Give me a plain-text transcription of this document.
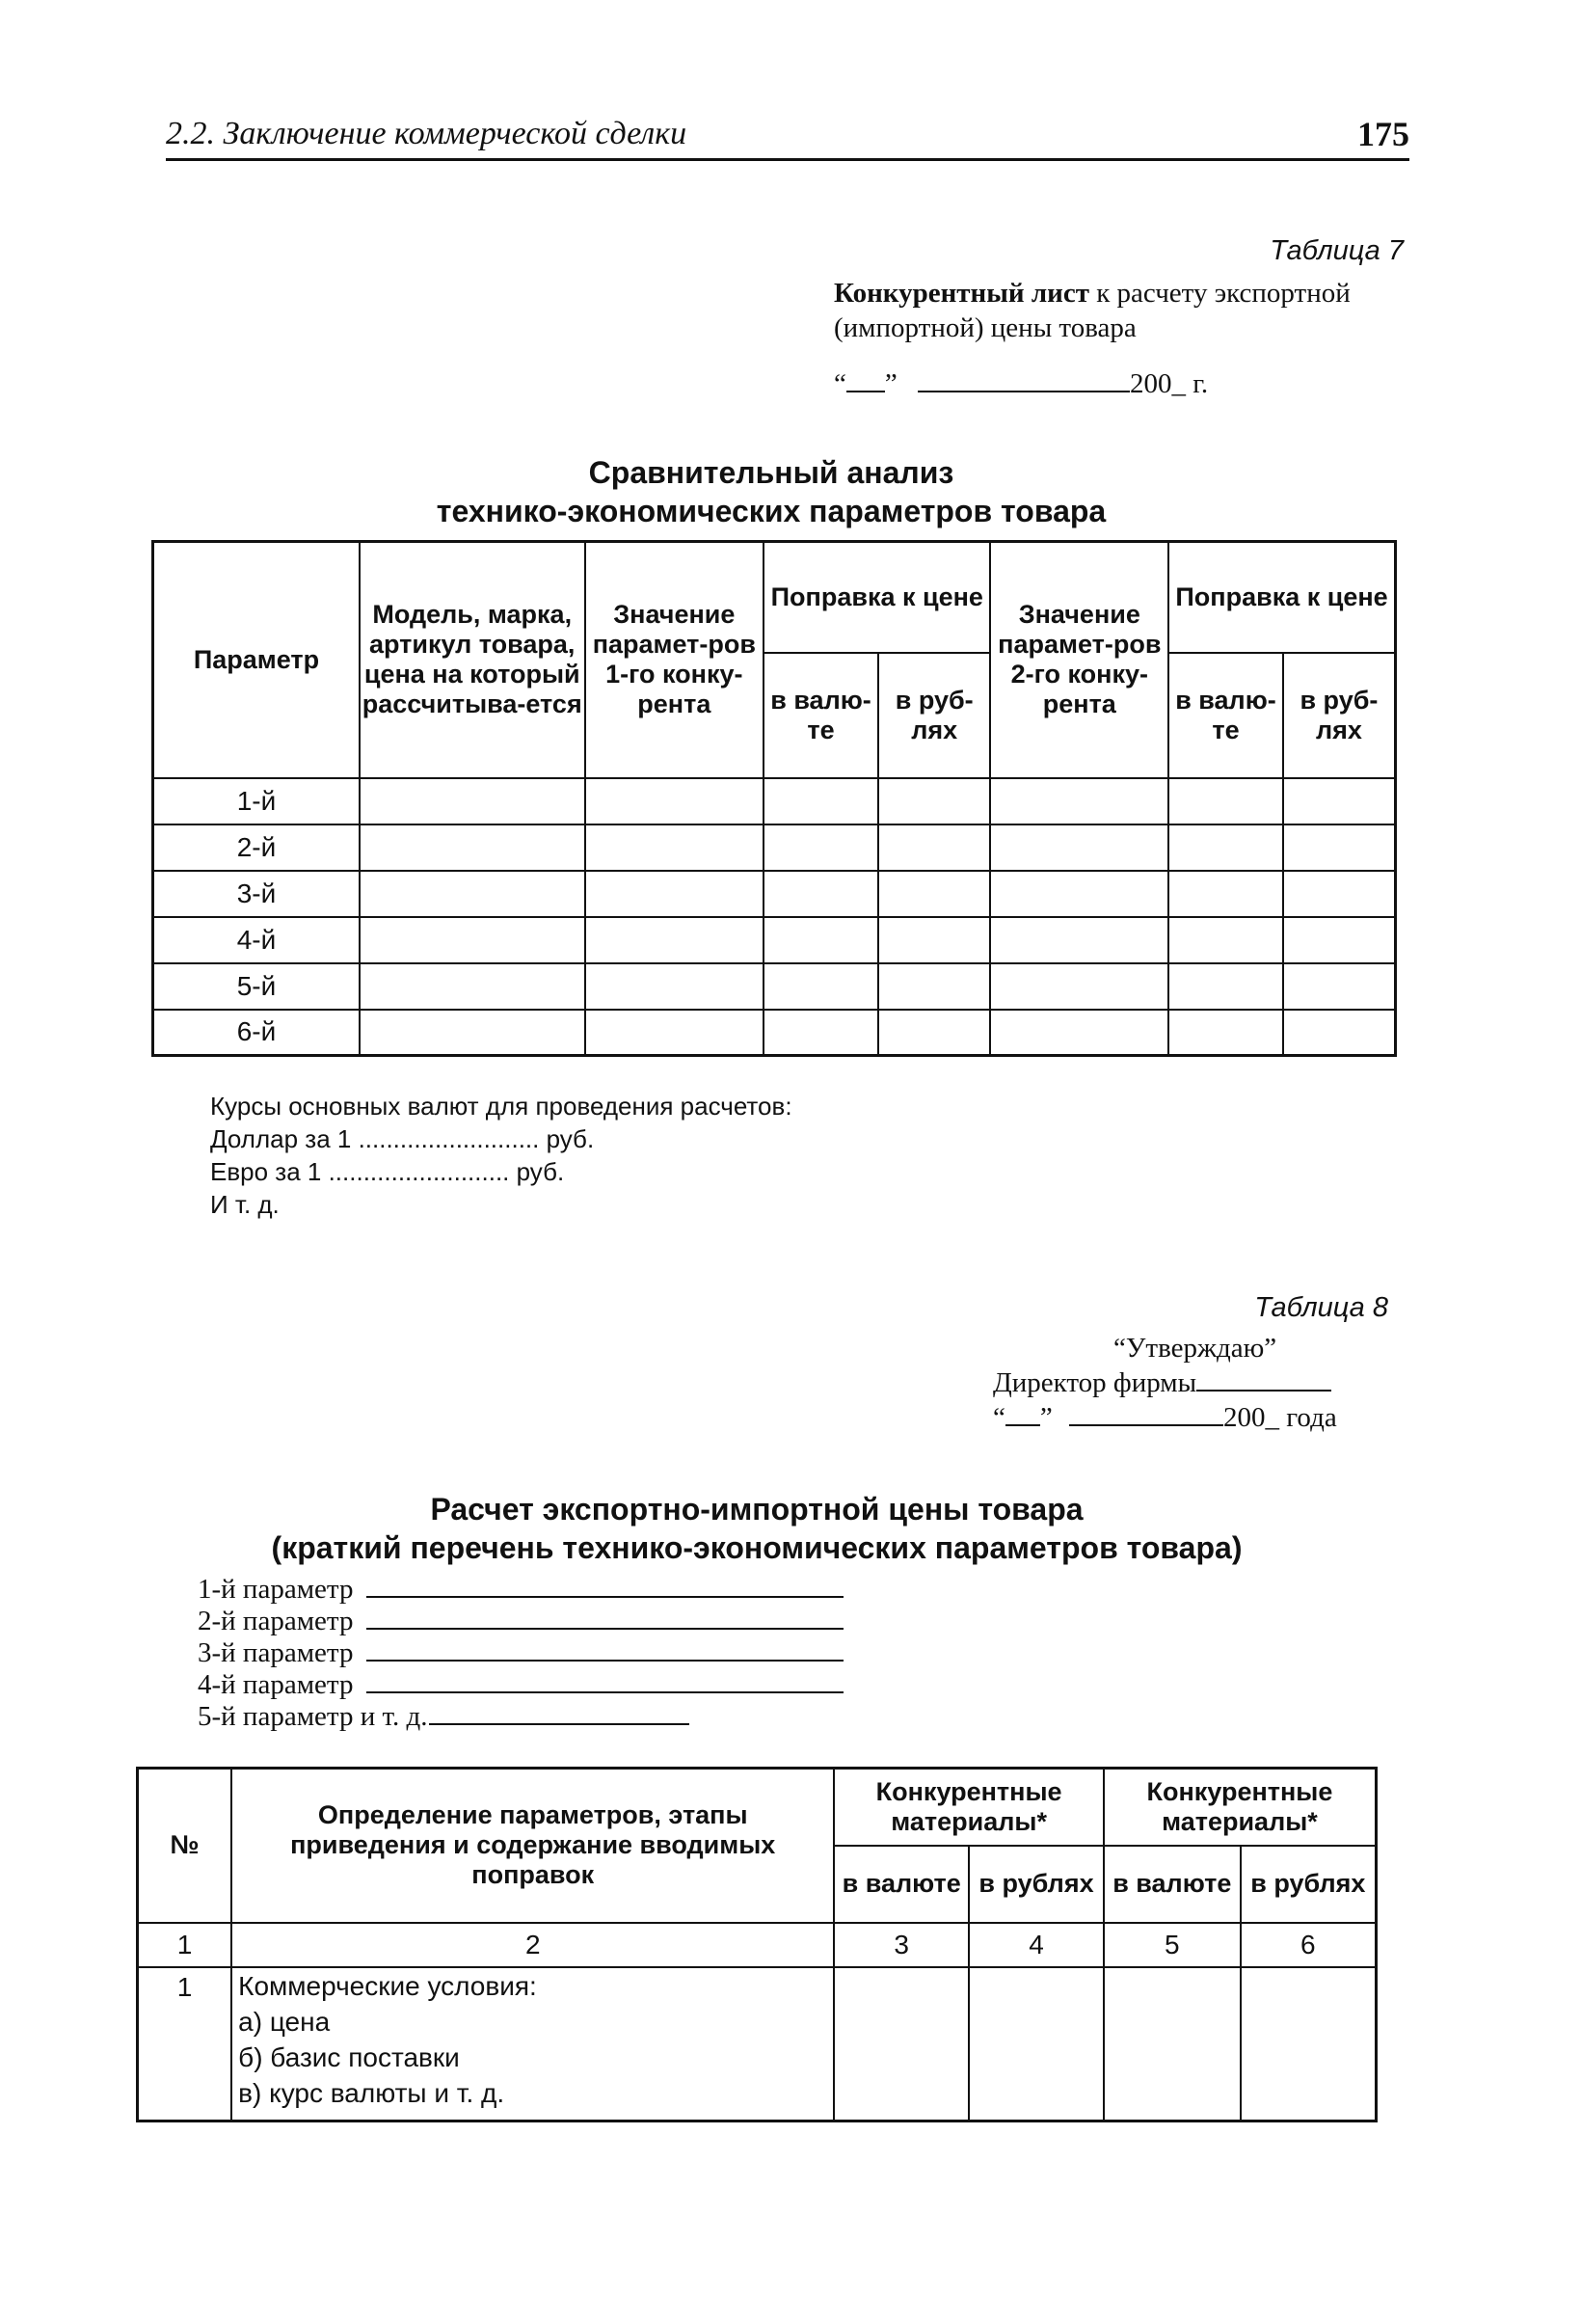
2.2. Заключение коммерческой сделки	175
Таблица 7
Конкурентный лист к расчету экспортной (импортной) цены товара
“ ”	200_ г.
Сравнительный анализ
технико-экономических параметров товара
Параметр	Модель, марка, артикул товара, цена на который рассчитыва-ется	Значение парамет-ров 1-го конку-рента	Поправка к цене		Значение парамет-ров 2-го конку-рента	Поправка к цене	
			в валю-те	в руб-лях		в валю-те	в руб-лях
1-й							
2-й							
3-й							
4-й							
5-й							
6-й							
Курсы основных валют для проведения расчетов:
Доллар за 1 .......................... руб.
Евро за 1 .......................... руб.
И т. д.
Таблица 8
“Утверждаю”
Директор фирмы
“ ”	200_ года
Расчет экспортно-импортной цены товара
(краткий перечень технико-экономических параметров товара)
1-й параметр
2-й параметр
3-й параметр
4-й параметр
5-й параметр и т. д.
№	Определение параметров, этапы приведения и содержание вводимых поправок	Конкурентные материалы*		Конкурентные материалы*	
		в валюте	в рублях	в валюте	в рублях
1	2	3	4	5	6
1	Коммерческие условия:
а) цена
б) базис поставки
в) курс валюты и т. д.				
